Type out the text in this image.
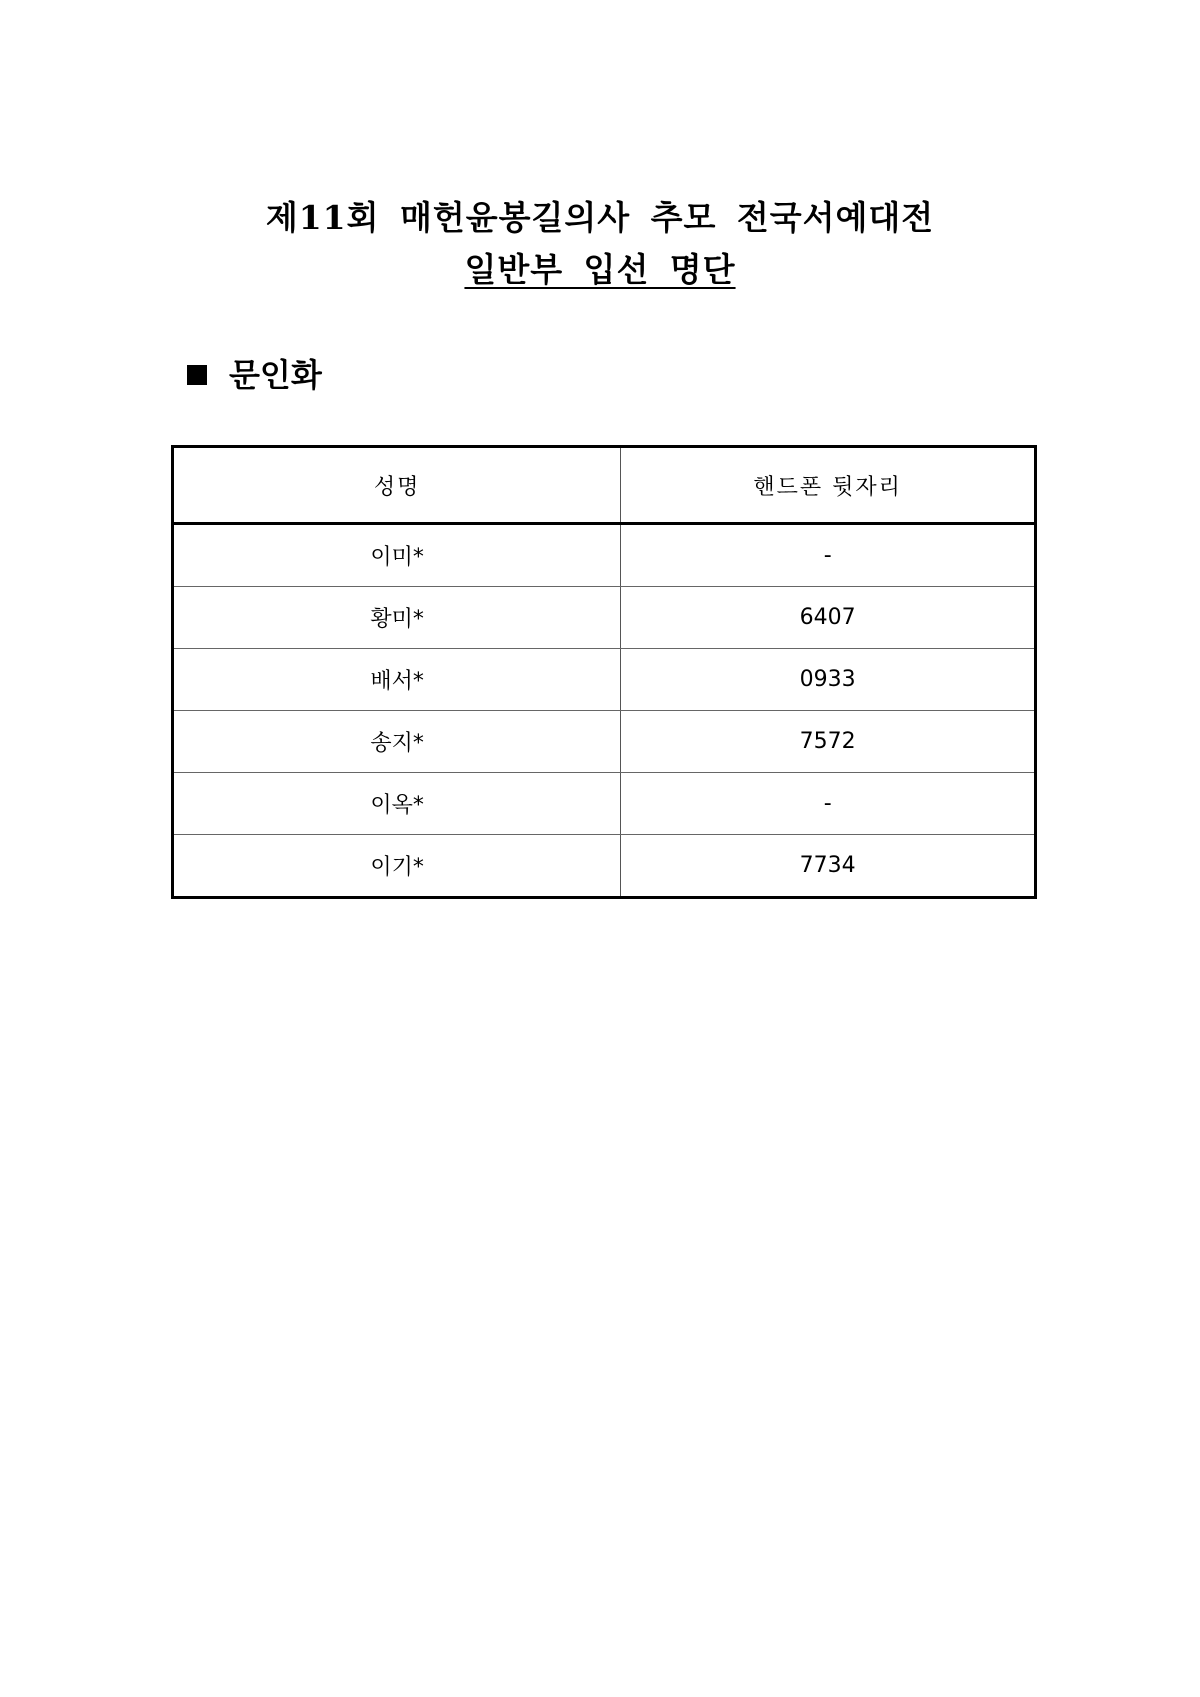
제11회 매헌윤봉길의사 추모 전국서예대전
일반부 입선 명단
문인화
성명	핸드폰 뒷자리
이미*	-
황미*	6407
배서*	0933
송지*	7572
이옥*	-
이기*	7734
